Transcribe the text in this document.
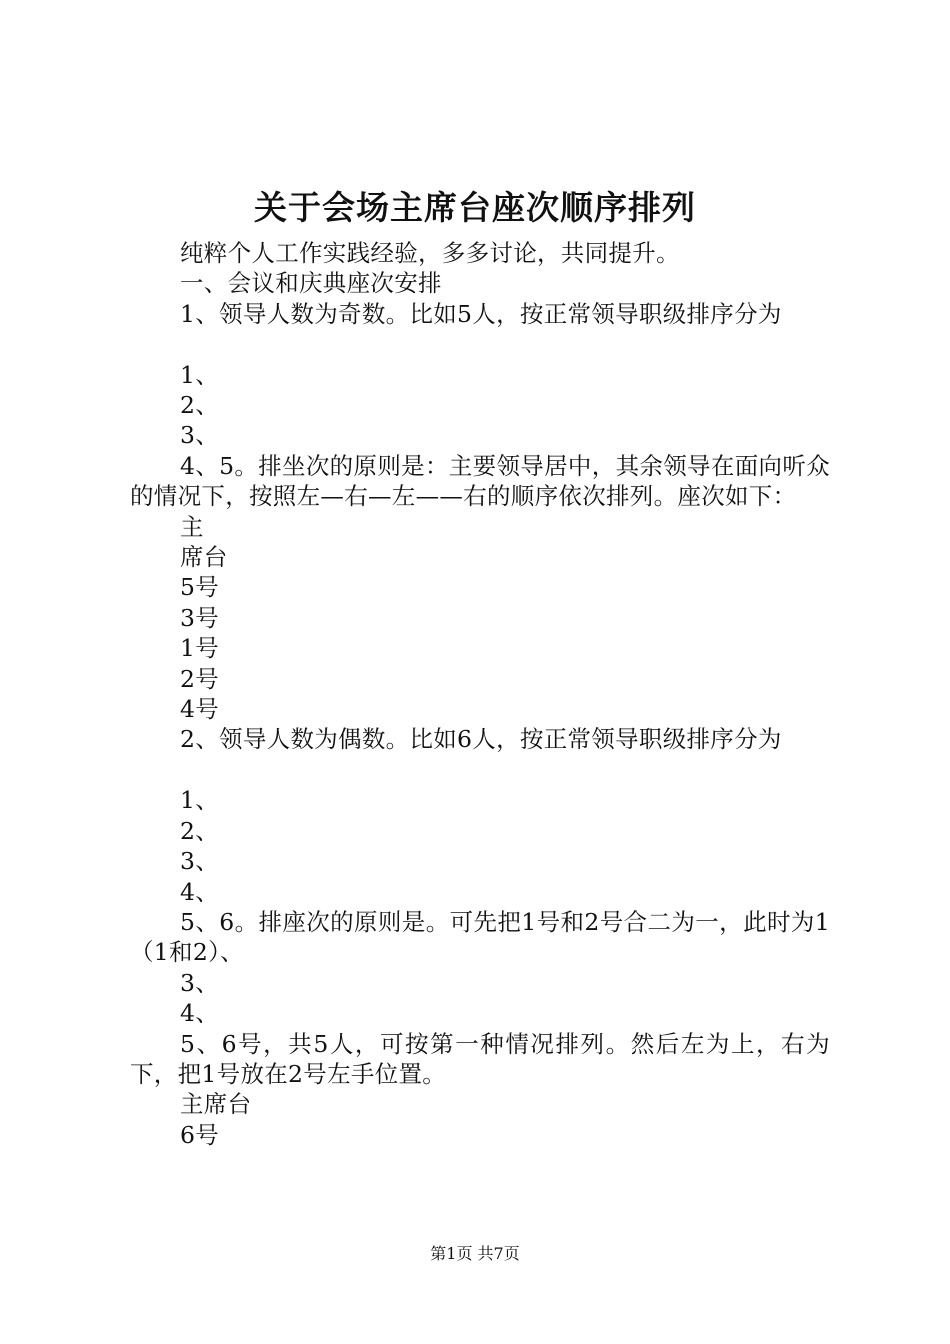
关于会场主席台座次顺序排列
纯粹个人工作实践经验，多多讨论，共同提升。
一、会议和庆典座次安排
1、领导人数为奇数。比如5人，按正常领导职级排序分为
1、
2、
3、
4、5。排坐次的原则是：主要领导居中，其余领导在面向听众的情况下，按照左—右—左——右的顺序依次排列。座次如下：
主
席台
5号
3号
1号
2号
4号
2、领导人数为偶数。比如6人，按正常领导职级排序分为
1、
2、
3、
4、
5、6。排座次的原则是。可先把1号和2号合二为一，此时为1（1和2）、
3、
4、
5、6号，共5人，可按第一种情况排列。然后左为上，右为下，把1号放在2号左手位置。
主席台
6号
第1页 共7页
